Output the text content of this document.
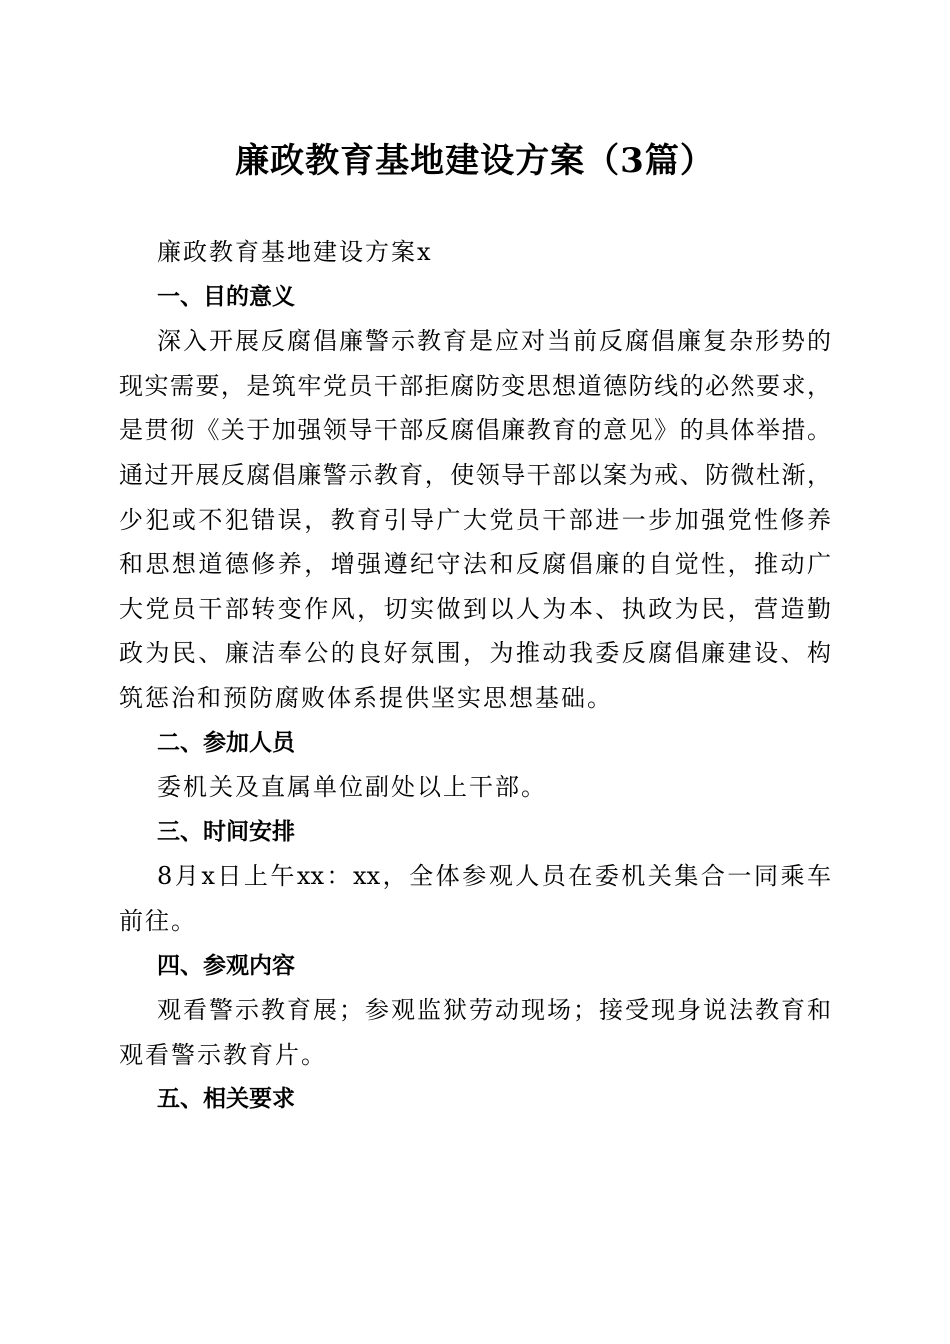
廉政教育基地建设方案（3篇）
廉政教育基地建设方案x
一、目的意义
深入开展反腐倡廉警示教育是应对当前反腐倡廉复杂形势的
现实需要，是筑牢党员干部拒腐防变思想道德防线的必然要求，
是贯彻《关于加强领导干部反腐倡廉教育的意见》的具体举措。
通过开展反腐倡廉警示教育，使领导干部以案为戒、防微杜渐，
少犯或不犯错误，教育引导广大党员干部进一步加强党性修养
和思想道德修养，增强遵纪守法和反腐倡廉的自觉性，推动广
大党员干部转变作风，切实做到以人为本、执政为民，营造勤
政为民、廉洁奉公的良好氛围，为推动我委反腐倡廉建设、构
筑惩治和预防腐败体系提供坚实思想基础。
二、参加人员
委机关及直属单位副处以上干部。
三、时间安排
8月x日上午xx：xx，全体参观人员在委机关集合一同乘车
前往。
四、参观内容
观看警示教育展；参观监狱劳动现场；接受现身说法教育和
观看警示教育片。
五、相关要求
